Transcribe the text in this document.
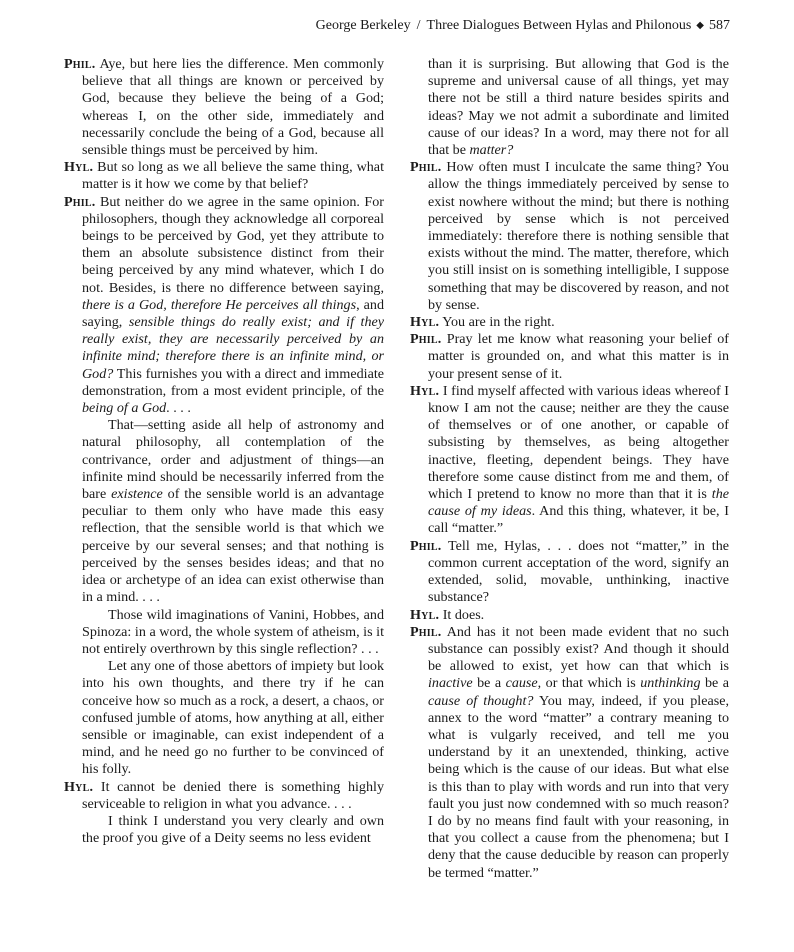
George Berkeley / Three Dialogues Between Hylas and Philonous ◆ 587

Phil. Aye, but here lies the difference. Men commonly believe that all things are known or perceived by God, because they believe the being of a God; whereas I, on the other side, immediately and necessarily conclude the being of a God, because all sensible things must be perceived by him.

Hyl. But so long as we all believe the same thing, what matter is it how we come by that belief?

Phil. But neither do we agree in the same opinion. For philosophers, though they acknowledge all corporeal beings to be perceived by God, yet they attribute to them an absolute subsistence distinct from their being perceived by any mind whatever, which I do not. Besides, is there no difference between saying, there is a God, therefore He perceives all things, and saying, sensible things do really exist; and if they really exist, they are necessarily perceived by an infinite mind; therefore there is an infinite mind, or God? This furnishes you with a direct and immediate demonstration, from a most evident principle, of the being of a God. . . .

That—setting aside all help of astronomy and natural philosophy, all contemplation of the contrivance, order and adjustment of things—an infinite mind should be necessarily inferred from the bare existence of the sensible world is an advantage peculiar to them only who have made this easy reflection, that the sensible world is that which we perceive by our several senses; and that nothing is perceived by the senses besides ideas; and that no idea or archetype of an idea can exist otherwise than in a mind. . . .

Those wild imaginations of Vanini, Hobbes, and Spinoza: in a word, the whole system of atheism, is it not entirely overthrown by this single reflection? . . .

Let any one of those abettors of impiety but look into his own thoughts, and there try if he can conceive how so much as a rock, a desert, a chaos, or confused jumble of atoms, how anything at all, either sensible or imaginable, can exist independent of a mind, and he need go no further to be convinced of his folly.

Hyl. It cannot be denied there is something highly serviceable to religion in what you advance. . . .

I think I understand you very clearly and own the proof you give of a Deity seems no less evident

than it is surprising. But allowing that God is the supreme and universal cause of all things, yet may there not be still a third nature besides spirits and ideas? May we not admit a subordinate and limited cause of our ideas? In a word, may there not for all that be matter?

Phil. How often must I inculcate the same thing? You allow the things immediately perceived by sense to exist nowhere without the mind; but there is nothing perceived by sense which is not perceived immediately: therefore there is nothing sensible that exists without the mind. The matter, therefore, which you still insist on is something intelligible, I suppose something that may be discovered by reason, and not by sense.

Hyl. You are in the right.

Phil. Pray let me know what reasoning your belief of matter is grounded on, and what this matter is in your present sense of it.

Hyl. I find myself affected with various ideas whereof I know I am not the cause; neither are they the cause of themselves or of one another, or capable of subsisting by themselves, as being altogether inactive, fleeting, dependent beings. They have therefore some cause distinct from me and them, of which I pretend to know no more than that it is the cause of my ideas. And this thing, whatever, it be, I call “matter.”

Phil. Tell me, Hylas, . . . does not “matter,” in the common current acceptation of the word, signify an extended, solid, movable, unthinking, inactive substance?

Hyl. It does.

Phil. And has it not been made evident that no such substance can possibly exist? And though it should be allowed to exist, yet how can that which is inactive be a cause, or that which is unthinking be a cause of thought? You may, indeed, if you please, annex to the word “matter” a contrary meaning to what is vulgarly received, and tell me you understand by it an unextended, thinking, active being which is the cause of our ideas. But what else is this than to play with words and run into that very fault you just now condemned with so much reason? I do by no means find fault with your reasoning, in that you collect a cause from the phenomena; but I deny that the cause deducible by reason can properly be termed “matter.”
